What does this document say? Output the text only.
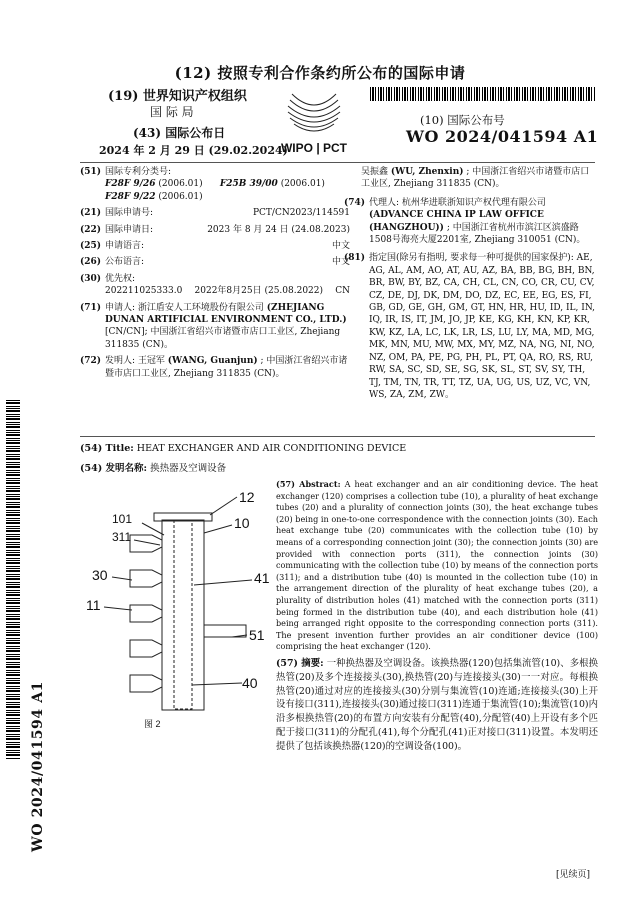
(12) 按照专利合作条约所公布的国际申请
(19) 世界知识产权组织
国 际 局
(43) 国际公布日
2024 年 2 月 29 日 (29.02.2024)
WIPO | PCT
(10) 国际公布号
WO 2024/041594 A1
(51) 国际专利分类号:
F28F 9/26 (2006.01) F25B 39/00 (2006.01)
F28F 9/22 (2006.01)
(21) 国际申请号:	PCT/CN2023/114591
(22) 国际申请日:	2023 年 8 月 24 日 (24.08.2023)
(25) 申请语言:	中文
(26) 公布语言:	中文
(30) 优先权:
202211025333.0 2022年8月25日 (25.08.2022) CN
(71) 申请人: 浙江盾安人工环境股份有限公司 (ZHEJIANG DUNAN ARTIFICIAL ENVIRONMENT CO., LTD.) [CN/CN]; 中国浙江省绍兴市诸暨市店口工业区, Zhejiang 311835 (CN)。
(72) 发明人: 王冠军 (WANG, Guanjun) ; 中国浙江省绍兴市诸暨市店口工业区, Zhejiang 311835 (CN)。
吴振鑫 (WU, Zhenxin) ; 中国浙江省绍兴市诸暨市店口工业区, Zhejiang 311835 (CN)。
(74) 代理人: 杭州华进联浙知识产权代理有限公司 (ADVANCE CHINA IP LAW OFFICE (HANGZHOU)) ; 中国浙江省杭州市滨江区滨盛路1508号海亮大厦2201室, Zhejiang 310051 (CN)。
(81) 指定国(除另有指明, 要求每一种可提供的国家保护): AE, AG, AL, AM, AO, AT, AU, AZ, BA, BB, BG, BH, BN, BR, BW, BY, BZ, CA, CH, CL, CN, CO, CR, CU, CV, CZ, DE, DJ, DK, DM, DO, DZ, EC, EE, EG, ES, FI, GB, GD, GE, GH, GM, GT, HN, HR, HU, ID, IL, IN, IQ, IR, IS, IT, JM, JO, JP, KE, KG, KH, KN, KP, KR, KW, KZ, LA, LC, LK, LR, LS, LU, LY, MA, MD, MG, MK, MN, MU, MW, MX, MY, MZ, NA, NG, NI, NO, NZ, OM, PA, PE, PG, PH, PL, PT, QA, RO, RS, RU, RW, SA, SC, SD, SE, SG, SK, SL, ST, SV, SY, TH, TJ, TM, TN, TR, TT, TZ, UA, UG, US, UZ, VC, VN, WS, ZA, ZM, ZW。
WO 2024/041594 A1
(54) Title: HEAT EXCHANGER AND AIR CONDITIONING DEVICE
(54) 发明名称: 换热器及空调设备
12
101	10
311
30	41
11
51
40
图 2
(57) Abstract: A heat exchanger and an air conditioning device. The heat exchanger (120) comprises a collection tube (10), a plurality of heat exchange tubes (20) and a plurality of connection joints (30), the heat exchange tubes (20) being in one-to-one correspondence with the connection joints (30). Each heat exchange tube (20) communicates with the collection tube (10) by means of a corresponding connection joint (30); the connection joints (30) are provided with connection ports (311), the connection joints (30) communicating with the collection tube (10) by means of the connection ports (311); and a distribution tube (40) is mounted in the collection tube (10) in the arrangement direction of the plurality of heat exchange tubes (20), a plurality of distribution holes (41) matched with the connection ports (311) being formed in the distribution tube (40), and each distribution hole (41) being arranged right opposite to the corresponding connection ports (311). The present invention further provides an air conditioner device (100) comprising the heat exchanger (120).
(57) 摘要: 一种换热器及空调设备。该换热器(120)包括集流管(10)、多根换热管(20)及多个连接接头(30),换热管(20)与连接接头(30)一一对应。每根换热管(20)通过对应的连接接头(30)分别与集流管(10)连通;连接接头(30)上开设有接口(311),连接接头(30)通过接口(311)连通于集流管(10);集流管(10)内沿多根换热管(20)的布置方向安装有分配管(40),分配管(40)上开设有多个匹配于接口(311)的分配孔(41),每个分配孔(41)正对接口(311)设置。本发明还提供了包括该换热器(120)的空调设备(100)。
[见续页]
